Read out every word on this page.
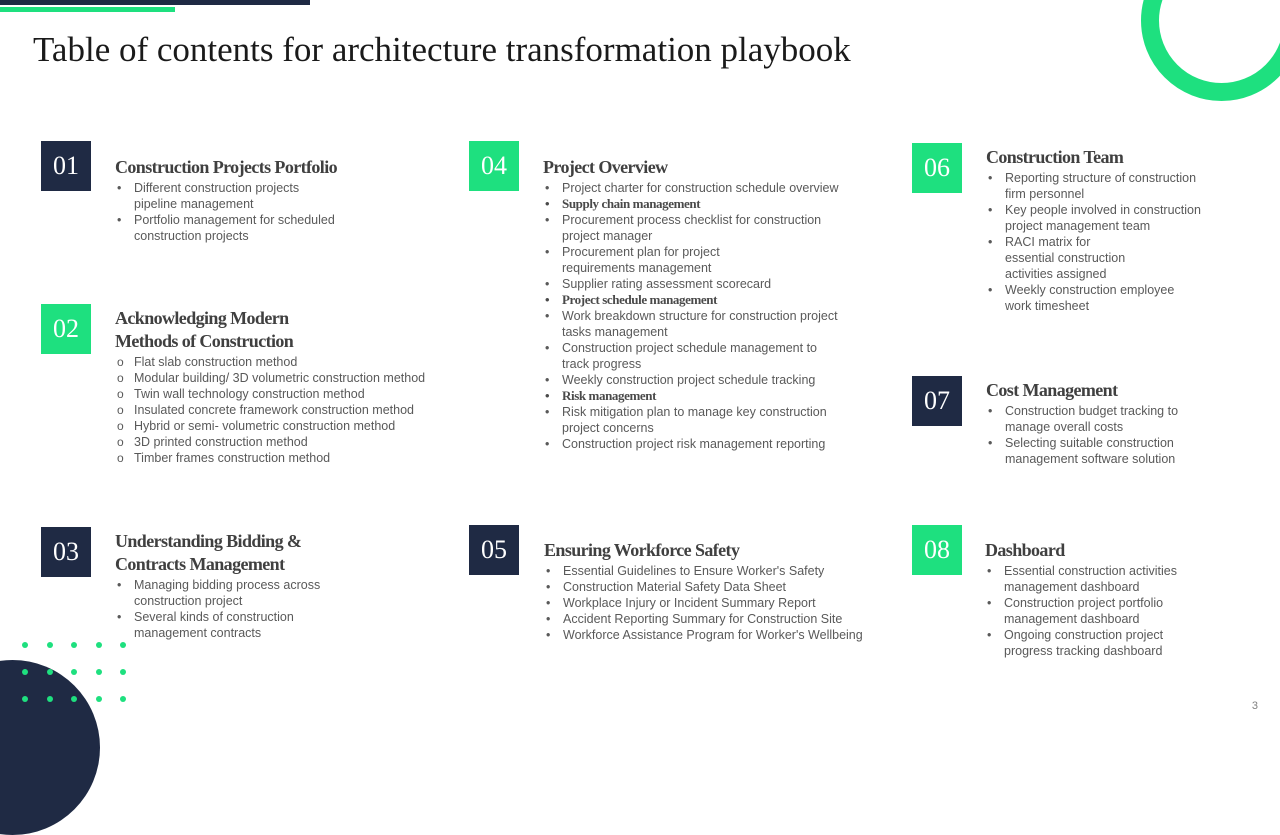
Table of contents for architecture transformation playbook
01	Construction Projects Portfolio
• Different construction projects
pipeline management
• Portfolio management for scheduled
construction projects
02	Acknowledging Modern
Methods of Construction
o Flat slab construction method
o Modular building/ 3D volumetric construction method
o Twin wall technology construction method
o Insulated concrete framework construction method
o Hybrid or semi- volumetric construction method
o 3D printed construction method
o Timber frames construction method
03	Understanding Bidding &
Contracts Management
• Managing bidding process across
construction project
• Several kinds of construction
management contracts
04	Project Overview
• Project charter for construction schedule overview
• Supply chain management
• Procurement process checklist for construction
project manager
• Procurement plan for project
requirements management
• Supplier rating assessment scorecard
• Project schedule management
• Work breakdown structure for construction project
tasks management
• Construction project schedule management to
track progress
• Weekly construction project schedule tracking
• Risk management
• Risk mitigation plan to manage key construction
project concerns
• Construction project risk management reporting
05	Ensuring Workforce Safety
• Essential Guidelines to Ensure Worker's Safety
• Construction Material Safety Data Sheet
• Workplace Injury or Incident Summary Report
• Accident Reporting Summary for Construction Site
• Workforce Assistance Program for Worker's Wellbeing
06	Construction Team
• Reporting structure of construction
firm personnel
• Key people involved in construction
project management team
• RACI matrix for
essential construction
activities assigned
• Weekly construction employee
work timesheet
07	Cost Management
• Construction budget tracking to
manage overall costs
• Selecting suitable construction
management software solution
08	Dashboard
• Essential construction activities
management dashboard
• Construction project portfolio
management dashboard
• Ongoing construction project
progress tracking dashboard
3
